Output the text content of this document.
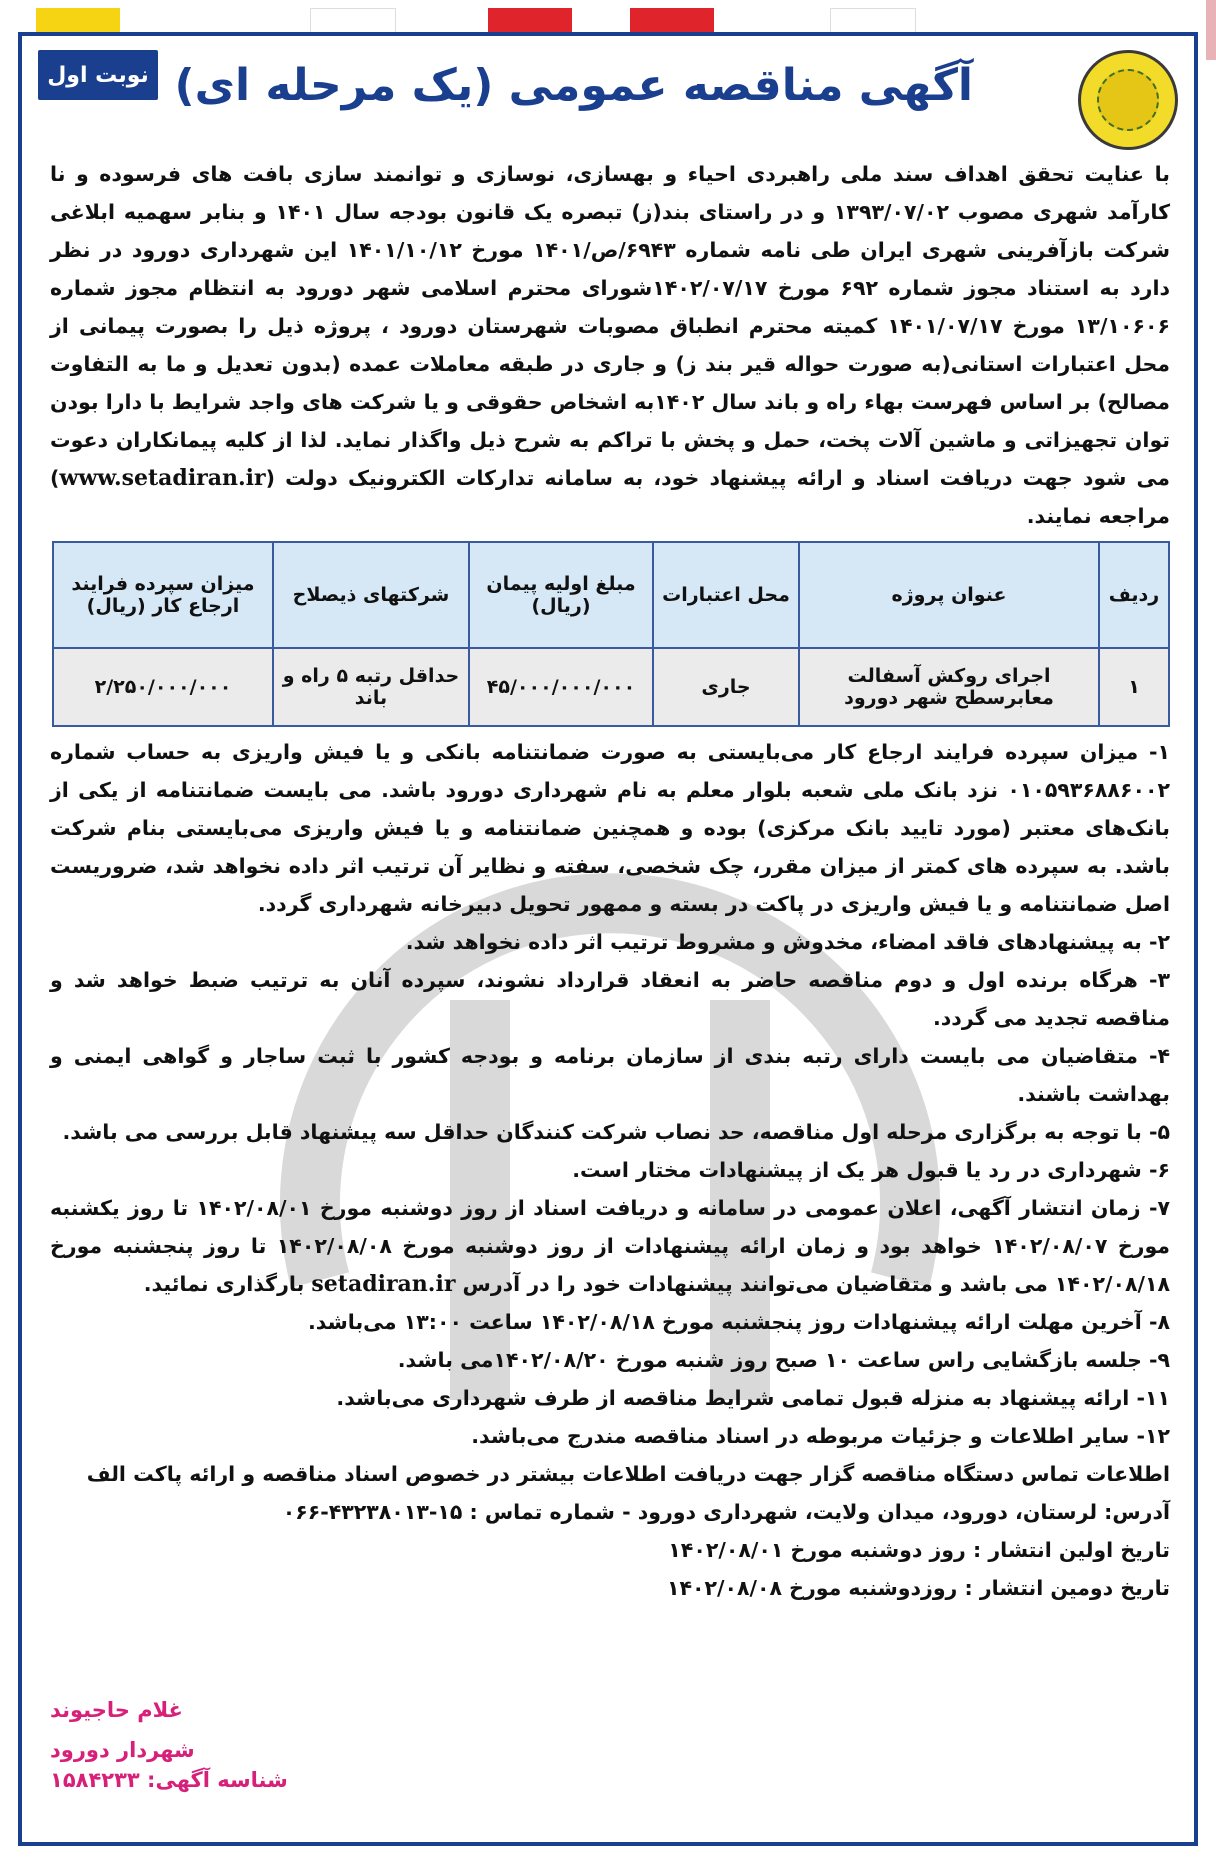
آگهی مناقصه عمومی (یک مرحله ای)
نوبت اول

با عنایت تحقق اهداف سند ملی راهبردی احیاء و بهسازی، نوسازی و توانمند سازی بافت های فرسوده و نا کارآمد شهری مصوب ۱۳۹۳/۰۷/۰۲ و در راستای بند(ز) تبصره یک قانون بودجه سال ۱۴۰۱ و بنابر سهمیه ابلاغی شرکت بازآفرینی شهری ایران طی نامه شماره ۶۹۴۳/ص/۱۴۰۱ مورخ ۱۴۰۱/۱۰/۱۲ این شهرداری دورود در نظر دارد به استناد مجوز شماره ۶۹۲ مورخ ۱۴۰۲/۰۷/۱۷شورای محترم اسلامی شهر دورود به انتظام مجوز شماره ۱۳/۱۰۶۰۶ مورخ ۱۴۰۱/۰۷/۱۷ کمیته محترم انطباق مصوبات شهرستان دورود ، پروژه ذیل را بصورت پیمانی از محل اعتبارات استانی(به صورت حواله قیر بند ز) و جاری در طبقه معاملات عمده (بدون تعدیل و ما به التفاوت مصالح) بر اساس فهرست بهاء راه و باند سال ۱۴۰۲به اشخاص حقوقی و یا شرکت های واجد شرایط با دارا بودن توان تجهیزاتی و ماشین آلات پخت، حمل و پخش با تراکم به شرح ذیل واگذار نماید. لذا از کلیه پیمانکاران دعوت می شود جهت دریافت اسناد و ارائه پیشنهاد خود، به سامانه تدارکات الکترونیک دولت (www.setadiran.ir) مراجعه نمایند.

ردیف	عنوان پروژه	محل اعتبارات	مبلغ اولیه پیمان (ریال)	شرکتهای ذیصلاح	میزان سپرده فرایند ارجاع کار (ریال)
۱	اجرای روکش آسفالت معابرسطح شهر دورود	جاری	۴۵/۰۰۰/۰۰۰/۰۰۰	حداقل رتبه ۵ راه و باند	۲/۲۵۰/۰۰۰/۰۰۰

۱- میزان سپرده فرایند ارجاع کار می‌بایستی به صورت ضمانتنامه بانکی و یا فیش واریزی به حساب شماره ۰۱۰۵۹۳۶۸۸۶۰۰۲ نزد بانک ملی شعبه بلوار معلم به نام شهرداری دورود باشد. می بایست ضمانتنامه از یکی از بانک‌های معتبر (مورد تایید بانک مرکزی) بوده و همچنین ضمانتنامه و یا فیش واریزی می‌بایستی بنام شرکت باشد. به سپرده های کمتر از میزان مقرر، چک شخصی، سفته و نظایر آن ترتیب اثر داده نخواهد شد، ضروریست اصل ضمانتنامه و یا فیش واریزی در پاکت در بسته و ممهور تحویل دبیرخانه شهرداری گردد.

۲- به پیشنهادهای فاقد امضاء، مخدوش و مشروط ترتیب اثر داده نخواهد شد.

۳- هرگاه برنده اول و دوم مناقصه حاضر به انعقاد قرارداد نشوند، سپرده آنان به ترتیب ضبط خواهد شد و مناقصه تجدید می گردد.

۴- متقاضیان می بایست دارای رتبه بندی از سازمان برنامه و بودجه کشور با ثبت ساجار و گواهی ایمنی و بهداشت باشند.

۵- با توجه به برگزاری مرحله اول مناقصه، حد نصاب شرکت کنندگان حداقل سه پیشنهاد قابل بررسی می باشد.

۶- شهرداری در رد یا قبول هر یک از پیشنهادات مختار است.

۷- زمان انتشار آگهی، اعلان عمومی در سامانه و دریافت اسناد از روز دوشنبه مورخ ۱۴۰۲/۰۸/۰۱ تا روز یکشنبه مورخ ۱۴۰۲/۰۸/۰۷ خواهد بود و زمان ارائه پیشنهادات از روز دوشنبه مورخ ۱۴۰۲/۰۸/۰۸ تا روز پنجشنبه مورخ ۱۴۰۲/۰۸/۱۸ می باشد و متقاضیان می‌توانند پیشنهادات خود را در آدرس setadiran.ir بارگذاری نمائید.

۸- آخرین مهلت ارائه پیشنهادات روز پنجشنبه مورخ ۱۴۰۲/۰۸/۱۸ ساعت ۱۳:۰۰ می‌باشد.

۹- جلسه بازگشایی راس ساعت ۱۰ صبح روز شنبه مورخ ۱۴۰۲/۰۸/۲۰می باشد.

۱۱- ارائه پیشنهاد به منزله قبول تمامی شرایط مناقصه از طرف شهرداری می‌باشد.

۱۲- سایر اطلاعات و جزئیات مربوطه در اسناد مناقصه مندرج می‌باشد.

اطلاعات تماس دستگاه مناقصه گزار جهت دریافت اطلاعات بیشتر در خصوص اسناد مناقصه و ارائه پاکت الف

آدرس: لرستان، دورود، میدان ولایت، شهرداری دورود - شماره تماس : ۱۵-۴۳۲۳۸۰۱۳-۰۶۶

تاریخ اولین انتشار : روز دوشنبه مورخ ۱۴۰۲/۰۸/۰۱

تاریخ دومین انتشار : روزدوشنبه مورخ ۱۴۰۲/۰۸/۰۸

غلام حاجیوند
شهردار دورود
شناسه آگهی: ۱۵۸۴۲۳۳
